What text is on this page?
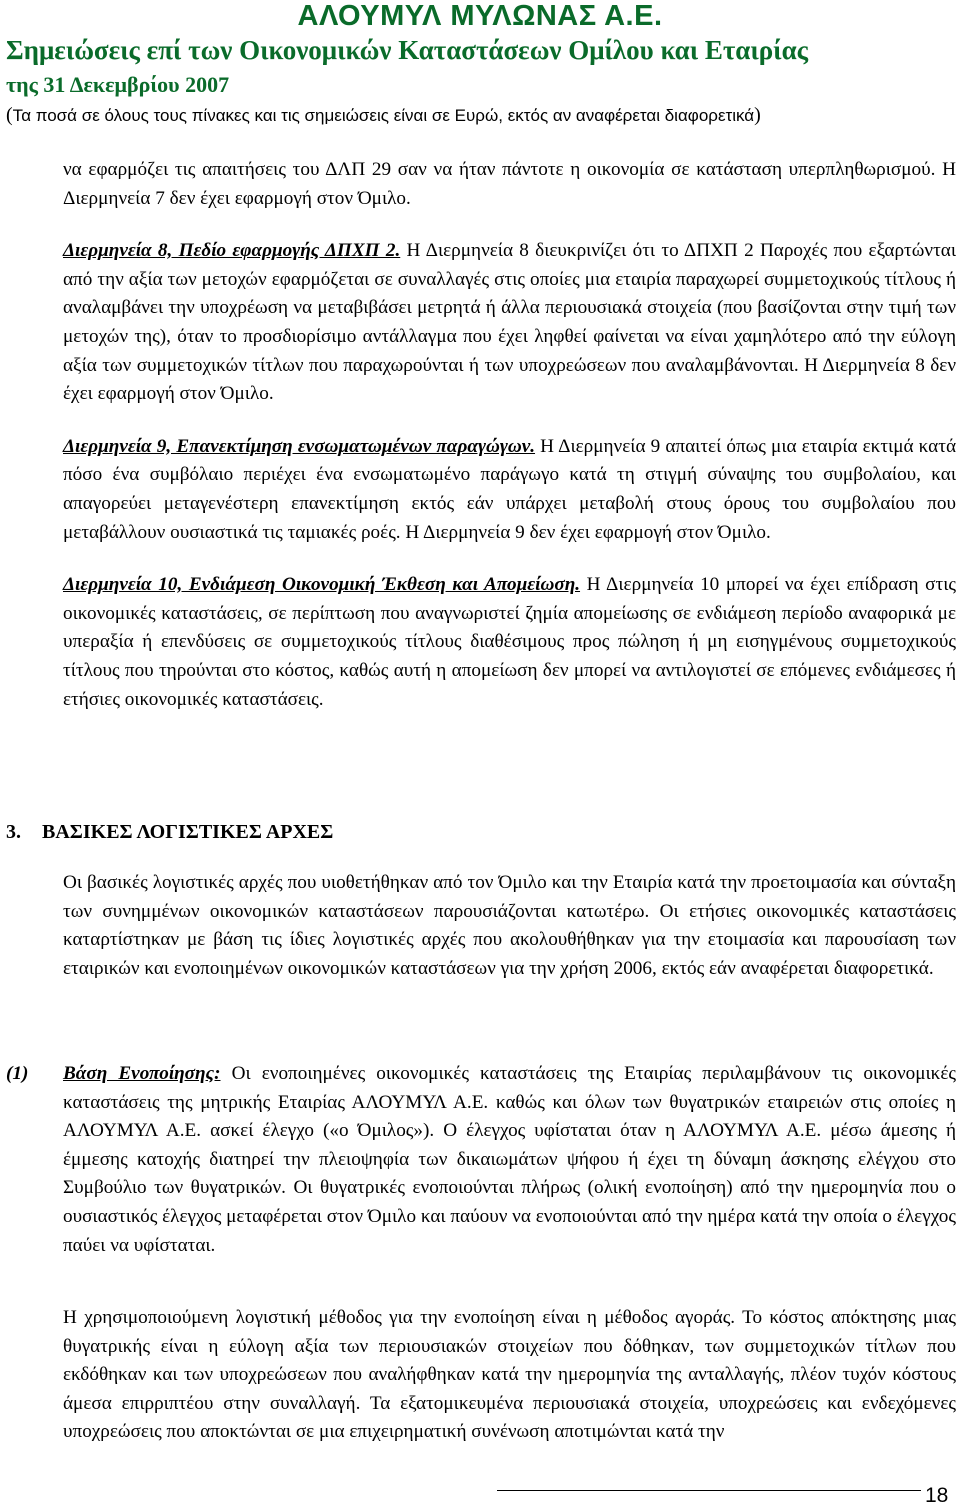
ΑΛΟΥΜΥΛ ΜΥΛΩΝΑΣ Α.Ε.
Σημειώσεις επί των Οικονομικών Καταστάσεων Ομίλου και Εταιρίας
της 31 Δεκεμβρίου 2007
(Τα ποσά σε όλους τους πίνακες και τις σημειώσεις είναι σε Ευρώ, εκτός αν αναφέρεται διαφορετικά)

να εφαρμόζει τις απαιτήσεις του ΔΛΠ 29 σαν να ήταν πάντοτε η οικονομία σε κατάσταση υπερπληθωρισμού. Η Διερμηνεία 7 δεν έχει εφαρμογή στον Όμιλο.

Διερμηνεία 8, Πεδίο εφαρμογής ΔΠΧΠ 2. Η Διερμηνεία 8 διευκρινίζει ότι το ΔΠΧΠ 2 Παροχές που εξαρτώνται από την αξία των μετοχών εφαρμόζεται σε συναλλαγές στις οποίες μια εταιρία παραχωρεί συμμετοχικούς τίτλους ή αναλαμβάνει την υποχρέωση να μεταβιβάσει μετρητά ή άλλα περιουσιακά στοιχεία (που βασίζονται στην τιμή των μετοχών της), όταν το προσδιορίσιμο αντάλλαγμα που έχει ληφθεί φαίνεται να είναι χαμηλότερο από την εύλογη αξία των συμμετοχικών τίτλων που παραχωρούνται ή των υποχρεώσεων που αναλαμβάνονται. Η Διερμηνεία 8 δεν έχει εφαρμογή στον Όμιλο.

Διερμηνεία 9, Επανεκτίμηση ενσωματωμένων παραγώγων. Η Διερμηνεία 9 απαιτεί όπως μια εταιρία εκτιμά κατά πόσο ένα συμβόλαιο περιέχει ένα ενσωματωμένο παράγωγο κατά τη στιγμή σύναψης του συμβολαίου, και απαγορεύει μεταγενέστερη επανεκτίμηση εκτός εάν υπάρχει μεταβολή στους όρους του συμβολαίου που μεταβάλλουν ουσιαστικά τις ταμιακές ροές. Η Διερμηνεία 9 δεν έχει εφαρμογή στον Όμιλο.

Διερμηνεία 10, Ενδιάμεση Οικονομική Έκθεση και Απομείωση. Η Διερμηνεία 10 μπορεί να έχει επίδραση στις οικονομικές καταστάσεις, σε περίπτωση που αναγνωριστεί ζημία απομείωσης σε ενδιάμεση περίοδο αναφορικά με υπεραξία ή επενδύσεις σε συμμετοχικούς τίτλους διαθέσιμους προς πώληση ή μη εισηγμένους συμμετοχικούς τίτλους που τηρούνται στο κόστος, καθώς αυτή η απομείωση δεν μπορεί να αντιλογιστεί σε επόμενες ενδιάμεσες ή ετήσιες οικονομικές καταστάσεις.

3. ΒΑΣΙΚΕΣ ΛΟΓΙΣΤΙΚΕΣ ΑΡΧΕΣ

Οι βασικές λογιστικές αρχές που υιοθετήθηκαν από τον Όμιλο και την Εταιρία κατά την προετοιμασία και σύνταξη των συνημμένων οικονομικών καταστάσεων παρουσιάζονται κατωτέρω. Οι ετήσιες οικονομικές καταστάσεις καταρτίστηκαν με βάση τις ίδιες λογιστικές αρχές που ακολουθήθηκαν για την ετοιμασία και παρουσίαση των εταιρικών και ενοποιημένων οικονομικών καταστάσεων για την χρήση 2006, εκτός εάν αναφέρεται διαφορετικά.

(1) Βάση Ενοποίησης: Οι ενοποιημένες οικονομικές καταστάσεις της Εταιρίας περιλαμβάνουν τις οικονομικές καταστάσεις της μητρικής Εταιρίας ΑΛΟΥΜΥΛ Α.Ε. καθώς και όλων των θυγατρικών εταιρειών στις οποίες η ΑΛΟΥΜΥΛ Α.Ε. ασκεί έλεγχο («ο Όμιλος»). Ο έλεγχος υφίσταται όταν η ΑΛΟΥΜΥΛ Α.Ε. μέσω άμεσης ή έμμεσης κατοχής διατηρεί την πλειοψηφία των δικαιωμάτων ψήφου ή έχει τη δύναμη άσκησης ελέγχου στο Συμβούλιο των θυγατρικών. Οι θυγατρικές ενοποιούνται πλήρως (ολική ενοποίηση) από την ημερομηνία που ο ουσιαστικός έλεγχος μεταφέρεται στον Όμιλο και παύουν να ενοποιούνται από την ημέρα κατά την οποία ο έλεγχος παύει να υφίσταται.

Η χρησιμοποιούμενη λογιστική μέθοδος για την ενοποίηση είναι η μέθοδος αγοράς. Το κόστος απόκτησης μιας θυγατρικής είναι η εύλογη αξία των περιουσιακών στοιχείων που δόθηκαν, των συμμετοχικών τίτλων που εκδόθηκαν και των υποχρεώσεων που αναλήφθηκαν κατά την ημερομηνία της ανταλλαγής, πλέον τυχόν κόστους άμεσα επιρριπτέου στην συναλλαγή. Τα εξατομικευμένα περιουσιακά στοιχεία, υποχρεώσεις και ενδεχόμενες υποχρεώσεις που αποκτώνται σε μια επιχειρηματική συνένωση αποτιμώνται κατά την

18
